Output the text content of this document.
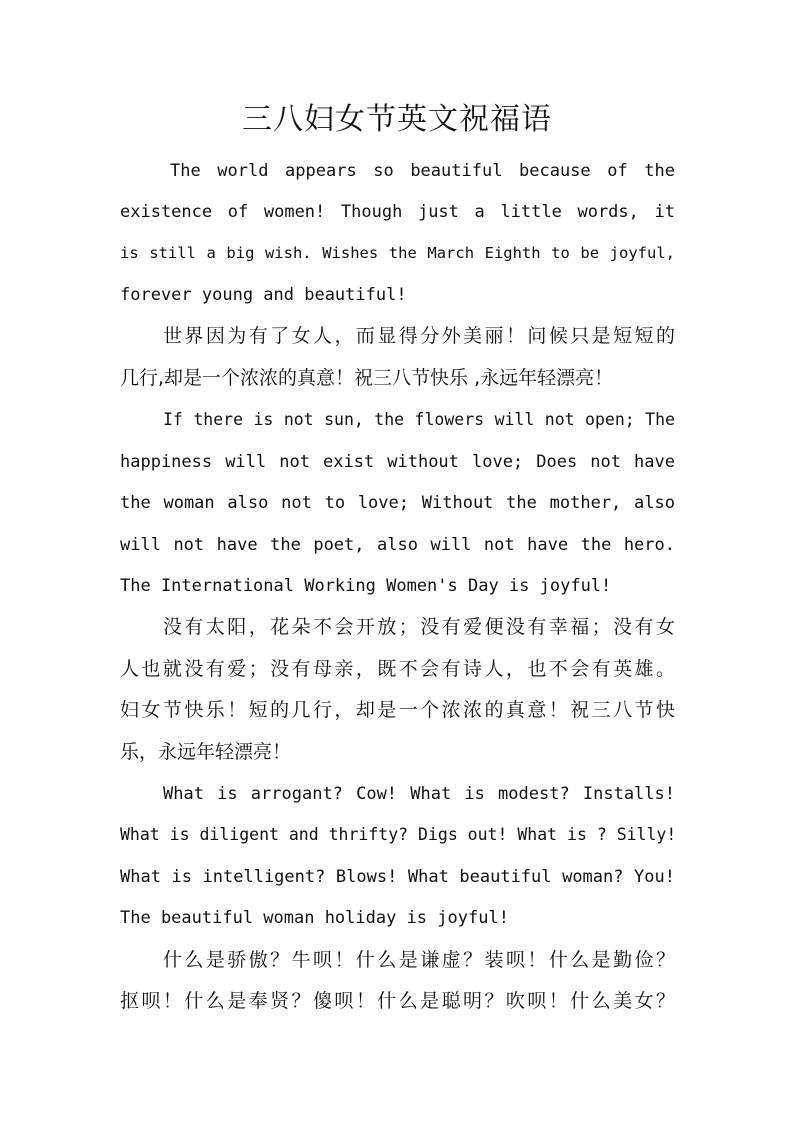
三八妇女节英文祝福语
The world appears so beautiful because of the
existence of women! Though just a little words, it
is still a big wish. Wishes the March Eighth to be joyful,
forever young and beautiful!
世界因为有了女人，而显得分外美丽！问候只是短短的
几行,却是一个浓浓的真意！祝三八节快乐 ,永远年轻漂亮！
If there is not sun, the flowers will not open; The
happiness will not exist without love; Does not have
the woman also not to love; Without the mother, also
will not have the poet, also will not have the hero.
The International Working Women's Day is joyful!
没有太阳，花朵不会开放；没有爱便没有幸福；没有女
人也就没有爱；没有母亲，既不会有诗人，也不会有英雄。
妇女节快乐！短的几行，却是一个浓浓的真意！祝三八节快
乐，永远年轻漂亮！
What is arrogant? Cow! What is modest? Installs!
What is diligent and thrifty? Digs out! What is ? Silly!
What is intelligent? Blows! What beautiful woman? You!
The beautiful woman holiday is joyful!
什么是骄傲？牛呗！什么是谦虚？装呗！什么是勤俭？
抠呗！什么是奉贤？傻呗！什么是聪明？吹呗！什么美女？
